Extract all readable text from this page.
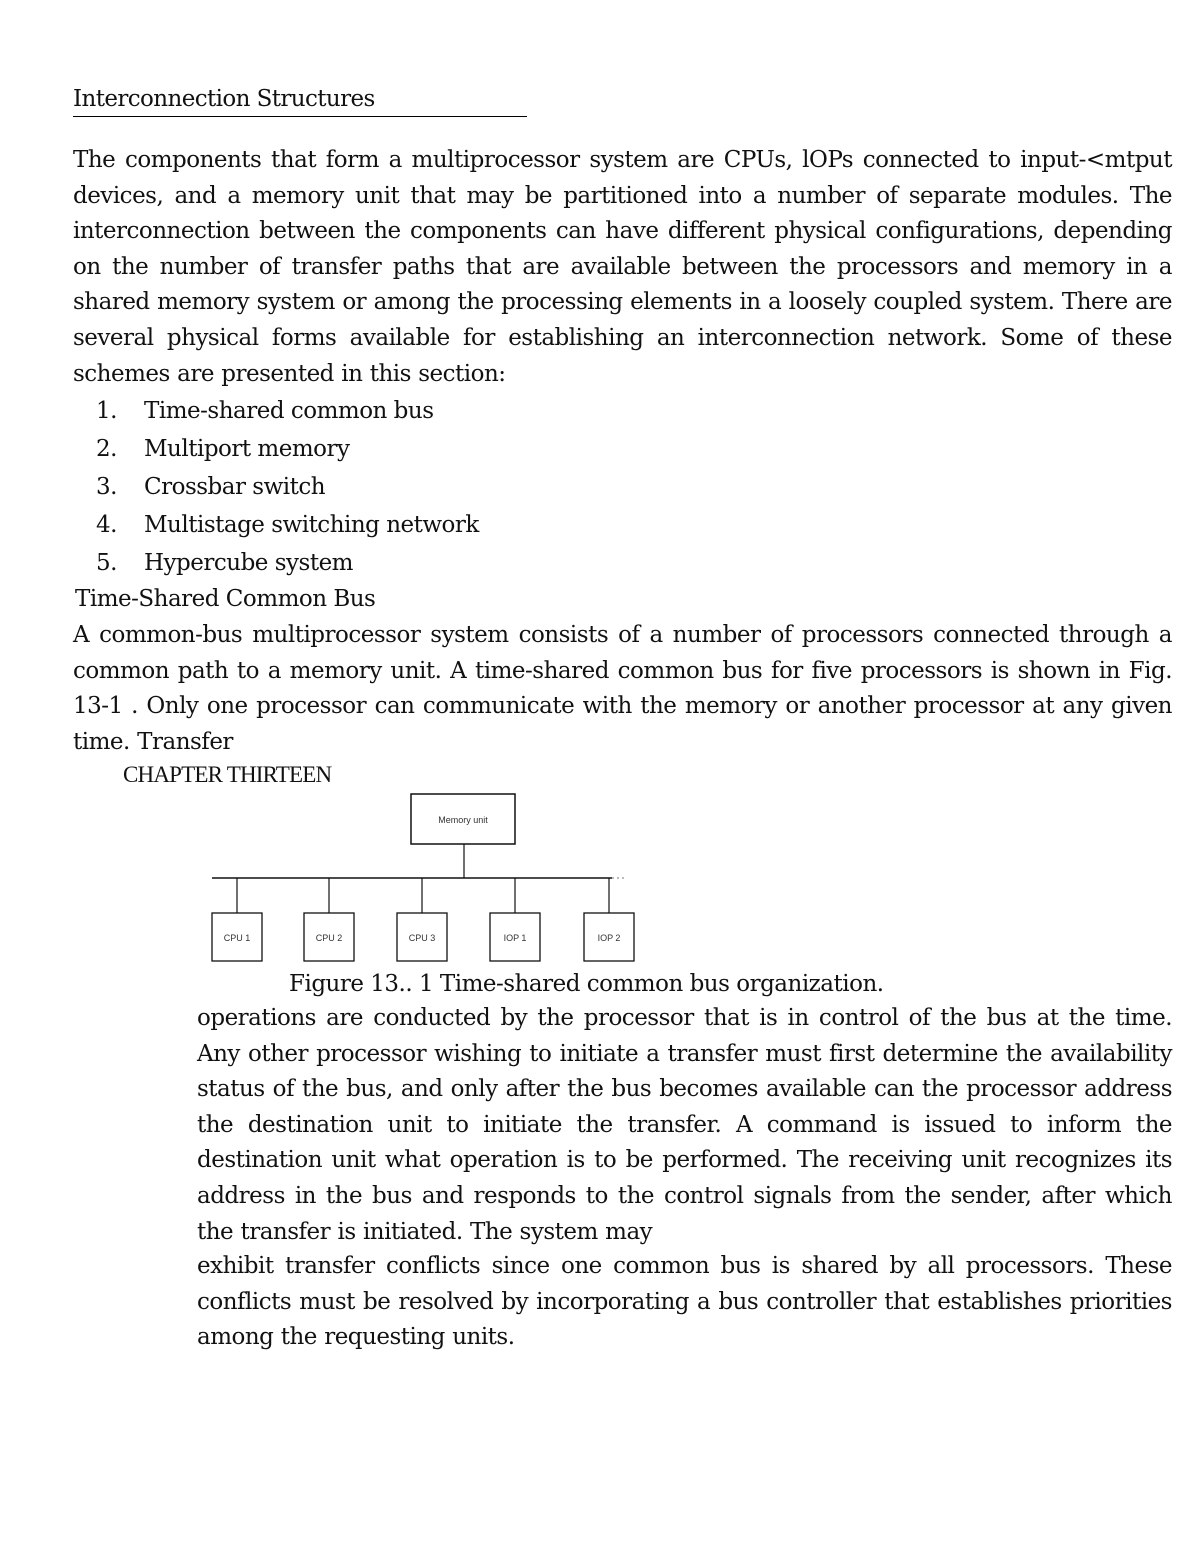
Interconnection Structures

The components that form a multiprocessor system are CPUs, lOPs connected to input-<mtput devices, and a memory unit that may be partitioned into a number of separate modules. The interconnection between the components can have different physical configurations, depending on the number of transfer paths that are available between the processors and memory in a shared memory system or among the processing elements in a loosely coupled system. There are several physical forms available for establishing an interconnection network. Some of these schemes are presented in this section:

1. Time-shared common bus
2. Multiport memory
3. Crossbar switch
4. Multistage switching network
5. Hypercube system
Time-Shared Common Bus

A common-bus multiprocessor system consists of a number of processors connected through a common path to a memory unit. A time-shared common bus for five processors is shown in Fig. 13-1 . Only one processor can communicate with the memory or another processor at any given time. Transfer

CHAPTER THIRTEEN
Memory unit
CPU 1	CPU 2	CPU 3	IOP 1	IOP 2
Figure 13.. 1 Time-shared common bus organization.

operations are conducted by the processor that is in control of the bus at the time. Any other processor wishing to initiate a transfer must first determine the availability status of the bus, and only after the bus becomes available can the processor address the destination unit to initiate the transfer. A command is issued to inform the destination unit what operation is to be performed. The receiving unit recognizes its address in the bus and responds to the control signals from the sender, after which the transfer is initiated. The system may

exhibit transfer conflicts since one common bus is shared by all processors. These conflicts must be resolved by incorporating a bus controller that establishes priorities among the requesting units.
